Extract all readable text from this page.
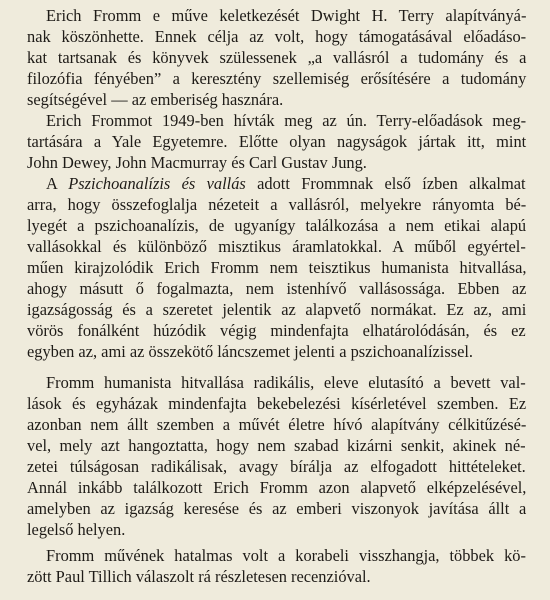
Erich Fromm e műve keletkezését Dwight H. Terry alapítványá-
nak köszönhette. Ennek célja az volt, hogy támogatásával előadáso-
kat tartsanak és könyvek szülessenek „a vallásról a tudomány és a
filozófia fényében” a keresztény szellemiség erősítésére a tudomány
segítségével — az emberiség hasznára.
Erich Frommot 1949-ben hívták meg az ún. Terry-előadások meg-
tartására a Yale Egyetemre. Előtte olyan nagyságok jártak itt, mint
John Dewey, John Macmurray és Carl Gustav Jung.
A Pszichoanalízis és vallás adott Frommnak első ízben alkalmat
arra, hogy összefoglalja nézeteit a vallásról, melyekre rányomta bé-
lyegét a pszichoanalízis, de ugyanígy találkozása a nem etikai alapú
vallásokkal és különböző misztikus áramlatokkal. A műből egyértel-
műen kirajzolódik Erich Fromm nem teisztikus humanista hitvallása,
ahogy másutt ő fogalmazta, nem istenhívő vallásossága. Ebben az
igazságosság és a szeretet jelentik az alapvető normákat. Ez az, ami
vörös fonálként húzódik végig mindenfajta elhatárolódásán, és ez
egyben az, ami az összekötő láncszemet jelenti a pszichoanalízissel.
Fromm humanista hitvallása radikális, eleve elutasító a bevett val-
lások és egyházak mindenfajta bekebelezési kísérletével szemben. Ez
azonban nem állt szemben a művét életre hívó alapítvány célkitűzésé-
vel, mely azt hangoztatta, hogy nem szabad kizárni senkit, akinek né-
zetei túlságosan radikálisak, avagy bírálja az elfogadott hittételeket.
Annál inkább találkozott Erich Fromm azon alapvető elképzelésével,
amelyben az igazság keresése és az emberi viszonyok javítása állt a
legelső helyen.
Fromm művének hatalmas volt a korabeli visszhangja, többek kö-
zött Paul Tillich válaszolt rá részletesen recenzióval.
